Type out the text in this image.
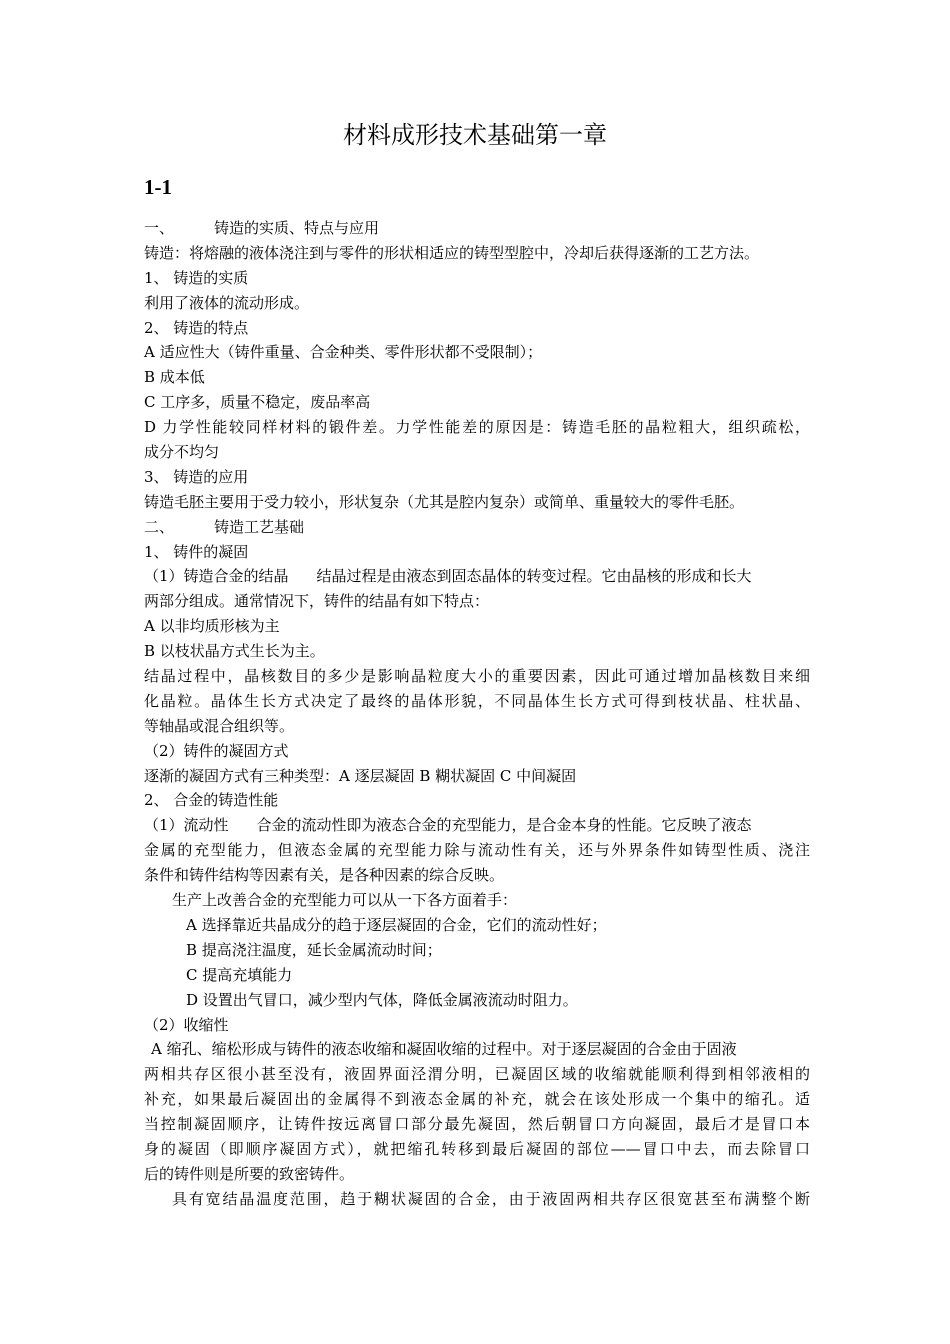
材料成形技术基础第一章
1-1
一、	铸造的实质、特点与应用
铸造：将熔融的液体浇注到与零件的形状相适应的铸型型腔中，冷却后获得逐渐的工艺方法。
1、 铸造的实质
利用了液体的流动形成。
2、 铸造的特点
A 适应性大（铸件重量、合金种类、零件形状都不受限制）；
B 成本低
C 工序多，质量不稳定，废品率高
D 力学性能较同样材料的锻件差。力学性能差的原因是：铸造毛胚的晶粒粗大，组织疏松，
成分不均匀
3、 铸造的应用
铸造毛胚主要用于受力较小，形状复杂（尤其是腔内复杂）或简单、重量较大的零件毛胚。
二、	铸造工艺基础
1、 铸件的凝固
（1）铸造合金的结晶 结晶过程是由液态到固态晶体的转变过程。它由晶核的形成和长大
两部分组成。通常情况下，铸件的结晶有如下特点：
A 以非均质形核为主
B 以枝状晶方式生长为主。
结晶过程中，晶核数目的多少是影响晶粒度大小的重要因素，因此可通过增加晶核数目来细
化晶粒。晶体生长方式决定了最终的晶体形貌，不同晶体生长方式可得到枝状晶、柱状晶、
等轴晶或混合组织等。
（2）铸件的凝固方式
逐渐的凝固方式有三种类型：A 逐层凝固 B 糊状凝固 C 中间凝固
2、 合金的铸造性能
（1）流动性 合金的流动性即为液态合金的充型能力，是合金本身的性能。它反映了液态
金属的充型能力，但液态金属的充型能力除与流动性有关，还与外界条件如铸型性质、浇注
条件和铸件结构等因素有关，是各种因素的综合反映。
生产上改善合金的充型能力可以从一下各方面着手：
A 选择靠近共晶成分的趋于逐层凝固的合金，它们的流动性好；
B 提高浇注温度，延长金属流动时间；
C 提高充填能力
D 设置出气冒口，减少型内气体，降低金属液流动时阻力。
（2）收缩性
A 缩孔、缩松形成与铸件的液态收缩和凝固收缩的过程中。对于逐层凝固的合金由于固液
两相共存区很小甚至没有，液固界面泾渭分明，已凝固区域的收缩就能顺利得到相邻液相的
补充，如果最后凝固出的金属得不到液态金属的补充，就会在该处形成一个集中的缩孔。适
当控制凝固顺序，让铸件按远离冒口部分最先凝固，然后朝冒口方向凝固，最后才是冒口本
身的凝固（即顺序凝固方式），就把缩孔转移到最后凝固的部位——冒口中去，而去除冒口
后的铸件则是所要的致密铸件。
具有宽结晶温度范围，趋于糊状凝固的合金，由于液固两相共存区很宽甚至布满整个断
